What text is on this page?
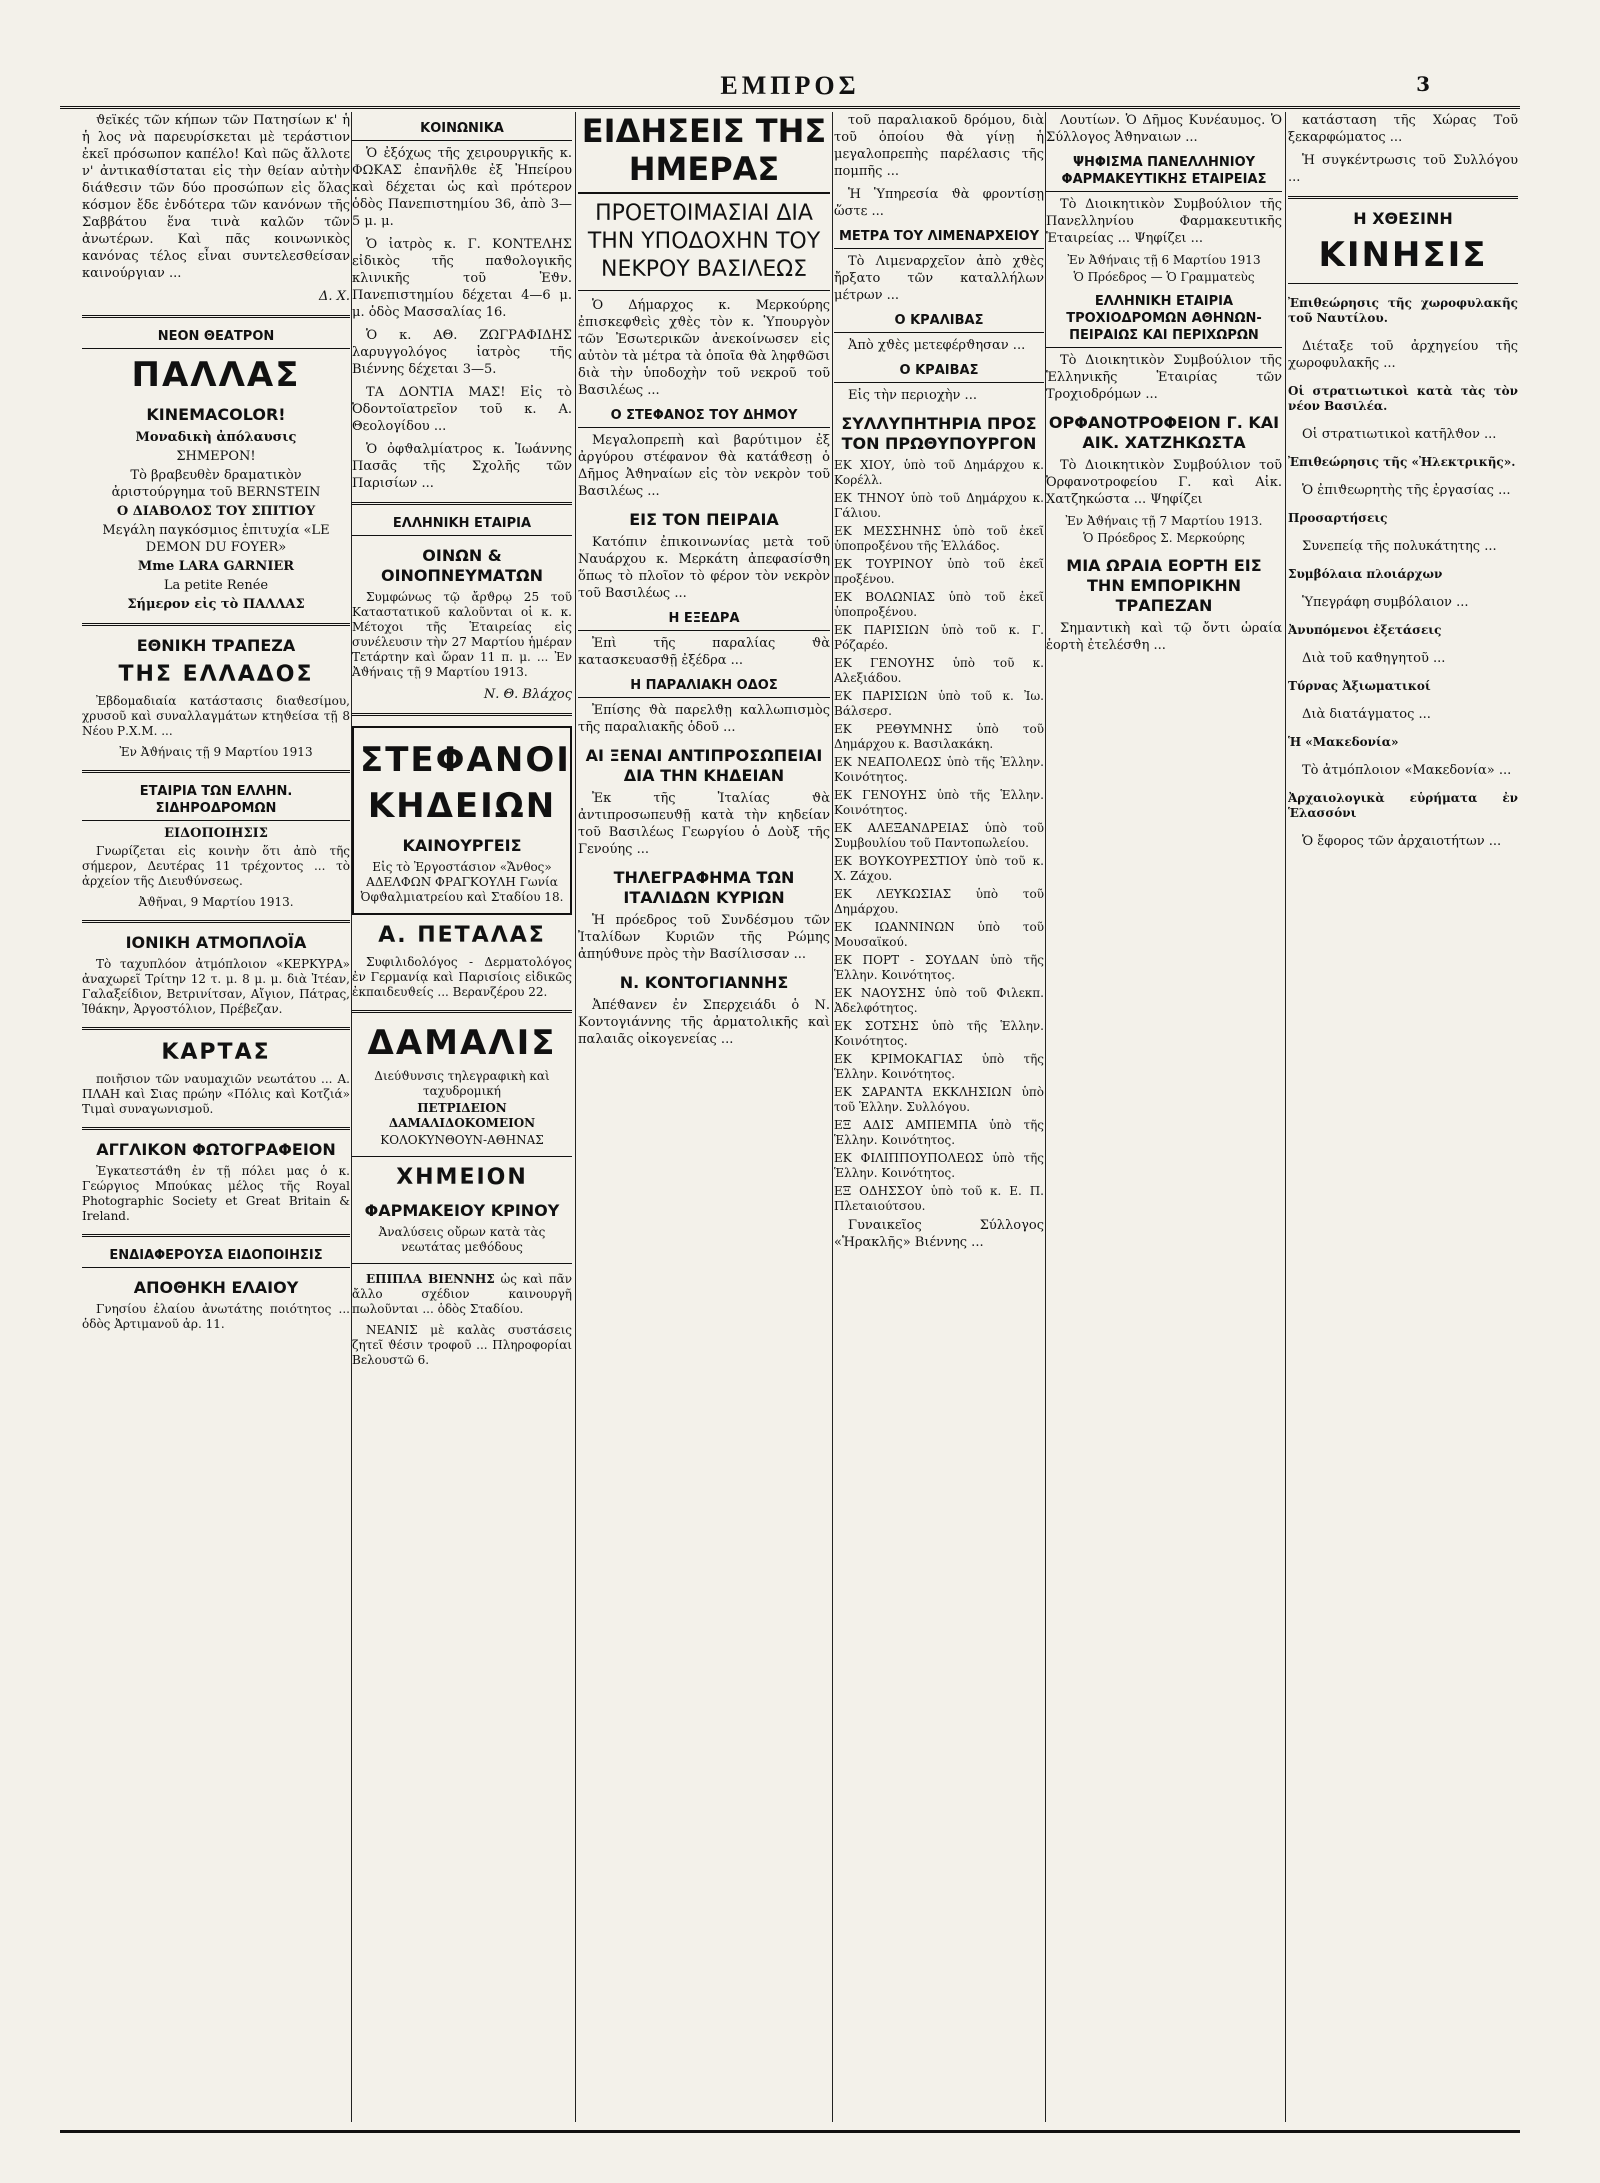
ΕΜΠΡΟΣ	3

ϑεϊκές τῶν κήπων τῶν Πατησίων κ' ἡ ἡ λος νὰ παρευρίσκεται μὲ τεράστιον ἐκεῖ πρόσωπον καπέλο! Καὶ πῶς ἄλλοτε ν' ἀντικαϑίσταται εἰς τὴν θείαν αὐτὴν διάϑεσιν τῶν δύο προσώπων εἰς ὅλας κόσμον ἔδε ἐνδότερα τῶν κανόνων τῆς Σαββάτου ἕνα τινὰ καλῶν τῶν ἀνωτέρων. Καὶ πᾶς κοινωνικὸς κανόνας τέλος εἶναι συντελεσθείσαν καινούργιαν ...

Δ. Χ.

ΝΕΟΝ ΘΕΑΤΡΟΝ
ΠΑΛΛΑΣ
KINEMACOLOR!

Μοναδικὴ ἀπόλαυσις

ΣΗΜΕΡΟΝ!

Τὸ βραβευθὲν δραματικὸν ἀριστούργημα τοῦ BERNSTEIN

Ο ΔΙΑΒΟΛΟΣ ΤΟΥ ΣΠΙΤΙΟΥ

Μεγάλη παγκόσμιος ἐπιτυχία «LE DEMON DU FOYER»

Mme LARA GARNIER

La petite Renée

Σήμερον εἰς τὸ ΠΑΛΛΑΣ

ΕΘΝΙΚΗ ΤΡΑΠΕΖΑ
ΤΗΣ ΕΛΛΑΔΟΣ

Ἐβδομαδιαία κατάστασις διαϑεσίμου, χρυσοῦ καὶ συναλλαγμάτων κτηϑείσα τῇ 8 Νέου Ρ.Χ.Μ. ...

Ἐν Ἀϑήναις τῇ 9 Μαρτίου 1913

ΕΤΑΙΡΙΑ ΤΩΝ ΕΛΛΗΝ. ΣΙΔΗΡΟΔΡΟΜΩΝ

ΕΙΔΟΠΟΙΗΣΙΣ

Γνωρίζεται εἰς κοινὴν ὅτι ἀπὸ τῆς σήμερον, Δευτέρας 11 τρέχοντος ... τὸ ἀρχείον τῆς Διευϑύνσεως.

Ἀϑῆναι, 9 Μαρτίου 1913.

ΙΟΝΙΚΗ ΑΤΜΟΠΛΟΪΑ

Τὸ ταχυπλόον ἀτμόπλοιον «ΚΕΡΚΥΡΑ» ἀναχωρεῖ Τρίτην 12 τ. μ. 8 μ. μ. διὰ Ἰτέαν, Γαλαξείδιον, Βετρινίτσαν, Αἴγιον, Πάτρας, Ἰθάκην, Ἀργοστόλιον, Πρέβεζαν.

ΚΑΡΤΑΣ

ποιῆσιον τῶν ναυμαχιῶν νεωτάτου ... Α. ΠΛΑΗ καὶ Σιας πρώην «Πόλις καὶ Κοτζιά» Τιμαὶ συναγωνισμοῦ.

ΑΓΓΛΙΚΟΝ ΦΩΤΟΓΡΑΦΕΙΟΝ

Ἐγκατεστάϑη ἐν τῇ πόλει μας ὁ κ. Γεώργιος Μπούκας μέλος τῆς Royal Photographic Society et Great Britain & Ireland.

ΕΝΔΙΑΦΕΡΟΥΣΑ ΕΙΔΟΠΟΙΗΣΙΣ
ΑΠΟΘΗΚΗ ΕΛΑΙΟΥ

Γνησίου ἐλαίου ἀνωτάτης ποιότητος ... ὁδὸς Ἀρτιμανοῦ ἀρ. 11.

ΚΟΙΝΩΝΙΚΑ

Ὁ ἐξόχως τῆς χειρουργικῆς κ. ΦΩΚΑΣ ἐπανῆλθε ἐξ Ἠπείρου καὶ δέχεται ὡς καὶ πρότερον ὁδὸς Πανεπιστημίου 36, ἀπὸ 3—5 μ. μ.

Ὁ ἰατρὸς κ. Γ. ΚΟΝΤΕΛΗΣ εἰδικὸς τῆς παϑολογικῆς κλινικῆς τοῦ Ἐϑν. Πανεπιστημίου δέχεται 4—6 μ. μ. ὁδὸς Μασσαλίας 16.

Ὁ κ. ΑΘ. ΖΩΓΡΑΦΙΔΗΣ λαρυγγολόγος ἰατρὸς τῆς Βιέννης δέχεται 3—5.

ΤΑ ΔΟΝΤΙΑ ΜΑΣ! Εἰς τὸ Ὀδοντοϊατρεῖον τοῦ κ. Α. Θεολογίδου ...

Ὁ ὀφϑαλμίατρος κ. Ἰωάννης Πασᾶς τῆς Σχολῆς τῶν Παρισίων ...

ΕΛΛΗΝΙΚΗ ΕΤΑΙΡΙΑ
ΟΙΝΩΝ & ΟΙΝΟΠΝΕΥΜΑΤΩΝ

Συμφώνως τῷ ἄρϑρῳ 25 τοῦ Καταστατικοῦ καλοῦνται οἱ κ. κ. Μέτοχοι τῆς Ἑταιρείας εἰς συνέλευσιν τὴν 27 Μαρτίου ἡμέραν Τετάρτην καὶ ὥραν 11 π. μ. ... Ἐν Ἀϑήναις τῇ 9 Μαρτίου 1913.

Ν. Θ. Βλάχος

ΣΤΕΦΑΝΟΙ
ΚΗΔΕΙΩΝ
ΚΑΙΝΟΥΡΓΕΙΣ

Εἰς τὸ Ἐργοστάσιον «Ἄνθος» ΑΔΕΛΦΩΝ ΦΡΑΓΚΟΥΛΗ Γωνία Ὀφϑαλμιατρείου καὶ Σταδίου 18.

Α. ΠΕΤΑΛΑΣ

Συφιλιδολόγος - Δερματολόγος ἐν Γερμανίᾳ καὶ Παρισίοις εἰδικῶς ἐκπαιδευϑείς ... Βερανζέρου 22.

ΔΑΜΑΛΙΣ

Διεύϑυνσις τηλεγραφικὴ καὶ ταχυδρομική

ΠΕΤΡΙΔΕΙΟΝ ΔΑΜΑΛΙΔΟΚΟΜΕΙΟΝ

ΚΟΛΟΚΥΝΘΟΥΝ-ΑΘΗΝΑΣ

ΧΗΜΕΙΟΝ
ΦΑΡΜΑΚΕΙΟΥ ΚΡΙΝΟΥ

Ἀναλύσεις οὔρων κατὰ τὰς νεωτάτας μεϑόδους

ΕΠΙΠΛΑ ΒΙΕΝΝΗΣ ὡς καὶ πᾶν ἄλλο σχέδιον καινουργῆ πωλοῦνται ... ὁδὸς Σταδίου.

ΝΕΑΝΙΣ μὲ καλὰς συστάσεις ζητεῖ ϑέσιν τροφοῦ ... Πληροφορίαι Βελουστῶ 6.

ΕΙΔΗΣΕΙΣ ΤΗΣ ΗΜΕΡΑΣ
ΠΡΟΕΤΟΙΜΑΣΙΑΙ ΔΙΑ ΤΗΝ ΥΠΟΔΟΧΗΝ ΤΟΥ ΝΕΚΡΟΥ ΒΑΣΙΛΕΩΣ

Ὁ Δήμαρχος κ. Μερκούρης ἐπισκεφϑεὶς χϑὲς τὸν κ. Ὑπουργὸν τῶν Ἐσωτερικῶν ἀνεκοίνωσεν εἰς αὐτὸν τὰ μέτρα τὰ ὁποῖα ϑὰ ληφϑῶσι διὰ τὴν ὑποδοχὴν τοῦ νεκροῦ τοῦ Βασιλέως ...

Ο ΣΤΕΦΑΝΟΣ ΤΟΥ ΔΗΜΟΥ

Μεγαλοπρεπὴ καὶ βαρύτιμον ἐξ ἀργύρου στέφανον ϑὰ κατάϑεσῃ ὁ Δῆμος Ἀϑηναίων εἰς τὸν νεκρὸν τοῦ Βασιλέως ...

ΕΙΣ ΤΟΝ ΠΕΙΡΑΙΑ

Κατόπιν ἐπικοινωνίας μετὰ τοῦ Ναυάρχου κ. Μερκάτη ἀπεφασίσϑη ὅπως τὸ πλοῖον τὸ φέρον τὸν νεκρὸν τοῦ Βασιλέως ...

Η ΕΞΕΔΡΑ

Ἐπὶ τῆς παραλίας ϑὰ κατασκευασϑῇ ἐξέδρα ...

Η ΠΑΡΑΛΙΑΚΗ ΟΔΟΣ

Ἐπίσης ϑὰ παρελϑῃ καλλωπισμὸς τῆς παραλιακῆς ὁδοῦ ...

ΑΙ ΞΕΝΑΙ ΑΝΤΙΠΡΟΣΩΠΕΙΑΙ ΔΙΑ ΤΗΝ ΚΗΔΕΙΑΝ

Ἐκ τῆς Ἰταλίας ϑὰ ἀντιπροσωπευϑῇ κατὰ τὴν κηδείαν τοῦ Βασιλέως Γεωργίου ὁ Δοὺξ τῆς Γενούης ...

ΤΗΛΕΓΡΑΦΗΜΑ ΤΩΝ ΙΤΑΛΙΔΩΝ ΚΥΡΙΩΝ

Ἡ πρόεδρος τοῦ Συνδέσμου τῶν Ἰταλίδων Κυριῶν τῆς Ρώμης ἀπηύϑυνε πρὸς τὴν Βασίλισσαν ...

Ν. ΚΟΝΤΟΓΙΑΝΝΗΣ

Ἀπέϑανεν ἐν Σπερχειάδι ὁ Ν. Κοντογιάννης τῆς ἀρματολικῆς καὶ παλαιᾶς οἰκογενείας ...

τοῦ παραλιακοῦ δρόμου, διὰ τοῦ ὁποίου ϑὰ γίνῃ ἡ μεγαλοπρεπὴς παρέλασις τῆς πομπῆς ...

Ἡ Ὑπηρεσία ϑὰ φροντίσῃ ὥστε ...

ΜΕΤΡΑ ΤΟΥ ΛΙΜΕΝΑΡΧΕΙΟΥ

Τὸ Λιμεναρχεῖον ἀπὸ χϑὲς ἤρξατο τῶν καταλλήλων μέτρων ...

Ο ΚΡΑΛΙΒΑΣ

Ἀπὸ χϑὲς μετεφέρϑησαν ...

Ο ΚΡΑΙΒΑΣ

Εἰς τὴν περιοχὴν ...

ΣΥΛΛΥΠΗΤΗΡΙΑ ΠΡΟΣ ΤΟΝ ΠΡΩΘΥΠΟΥΡΓΟΝ

ΕΚ ΧΙΟΥ, ὑπὸ τοῦ Δημάρχου κ. Κορέλλ.

ΕΚ ΤΗΝΟΥ ὑπὸ τοῦ Δημάρχου κ. Γάλιου.

ΕΚ ΜΕΣΣΗΝΗΣ ὑπὸ τοῦ ἐκεῖ ὑποπροξένου τῆς Ἑλλάδος.

ΕΚ ΤΟΥΡΙΝΟΥ ὑπὸ τοῦ ἐκεῖ προξένου.

ΕΚ ΒΟΛΩΝΙΑΣ ὑπὸ τοῦ ἐκεῖ ὑποπροξένου.

ΕΚ ΠΑΡΙΣΙΩΝ ὑπὸ τοῦ κ. Γ. Ρόζαρέο.

ΕΚ ΓΕΝΟΥΗΣ ὑπὸ τοῦ κ. Αλεξιάδου.

ΕΚ ΠΑΡΙΣΙΩΝ ὑπὸ τοῦ κ. Ἰω. Βάλσερσ.

ΕΚ ΡΕΘΥΜΝΗΣ ὑπὸ τοῦ Δημάρχου κ. Βασιλακάκη.

ΕΚ ΝΕΑΠΟΛΕΩΣ ὑπὸ τῆς Ἑλλην. Κοινότητος.

ΕΚ ΓΕΝΟΥΗΣ ὑπὸ τῆς Ἑλλην. Κοινότητος.

ΕΚ ΑΛΕΞΑΝΔΡΕΙΑΣ ὑπὸ τοῦ Συμβουλίου τοῦ Παντοπωλείου.

ΕΚ ΒΟΥΚΟΥΡΕΣΤΙΟΥ ὑπὸ τοῦ κ. Χ. Ζάχου.

ΕΚ ΛΕΥΚΩΣΙΑΣ ὑπὸ τοῦ Δημάρχου.

ΕΚ ΙΩΑΝΝΙΝΩΝ ὑπὸ τοῦ Μουσαϊκού.

ΕΚ ΠΟΡΤ - ΣΟΥΔΑΝ ὑπὸ τῆς Ἑλλην. Κοινότητος.

ΕΚ ΝΑΟΥΣΗΣ ὑπὸ τοῦ Φιλεκπ. Ἀδελφότητος.

ΕΚ ΣΟΤΣΗΣ ὑπὸ τῆς Ἑλλην. Κοινότητος.

ΕΚ ΚΡΙΜΟΚΑΓΙΑΣ ὑπὸ τῆς Ἑλλην. Κοινότητος.

ΕΚ ΣΑΡΑΝΤΑ ΕΚΚΛΗΣΙΩΝ ὑπὸ τοῦ Ἑλλην. Συλλόγου.

ΕΞ ΑΔΙΣ ΑΜΠΕΜΠΑ ὑπὸ τῆς Ἑλλην. Κοινότητος.

ΕΚ ΦΙΛΙΠΠΟΥΠΟΛΕΩΣ ὑπὸ τῆς Ἑλλην. Κοινότητος.

ΕΞ ΟΔΗΣΣΟΥ ὑπὸ τοῦ κ. Ε. Π. Πλεταιούτσου.

Γυναικεῖος Σύλλογος «Ἡρακλῆς» Βιέννης ...

Λουτίων. Ὁ Δῆμος Κυνέαυμος. Ὁ Σύλλογος Ἀϑηναιων ...

ΨΗΦΙΣΜΑ ΠΑΝΕΛΛΗΝΙΟΥ ΦΑΡΜΑΚΕΥΤΙΚΗΣ ΕΤΑΙΡΕΙΑΣ

Τὸ Διοικητικὸν Συμβούλιον τῆς Πανελληνίου Φαρμακευτικῆς Ἑταιρείας ... Ψηφίζει ...

Ἐν Ἀϑήναις τῇ 6 Μαρτίου 1913

Ὁ Πρόεδρος — Ὁ Γραμματεὺς

ΕΛΛΗΝΙΚΗ ΕΤΑΙΡΙΑ ΤΡΟΧΙΟΔΡΟΜΩΝ ΑΘΗΝΩΝ-ΠΕΙΡΑΙΩΣ ΚΑΙ ΠΕΡΙΧΩΡΩΝ

Τὸ Διοικητικὸν Συμβούλιον τῆς Ἑλληνικῆς Ἑταιρίας τῶν Τροχιοδρόμων ...

ΟΡΦΑΝΟΤΡΟΦΕΙΟΝ Γ. ΚΑΙ ΑΙΚ. ΧΑΤΖΗΚΩΣΤΑ

Τὸ Διοικητικὸν Συμβούλιον τοῦ Ὀρφανοτροφείου Γ. καὶ Αἰκ. Χατζηκώστα ... Ψηφίζει

Ἐν Ἀϑήναις τῇ 7 Μαρτίου 1913.

Ὁ Πρόεδρος Σ. Μερκούρης

ΜΙΑ ΩΡΑΙΑ ΕΟΡΤΗ ΕΙΣ ΤΗΝ ΕΜΠΟΡΙΚΗΝ ΤΡΑΠΕΖΑΝ

Σημαντικὴ καὶ τῷ ὄντι ὡραία ἑορτὴ ἐτελέσϑη ...

κατάσταση τῆς Χώρας Τοῦ ξεκαρφώματος ...

Ἡ συγκέντρωσις τοῦ Συλλόγου ...

Η ΧΘΕΣΙΝΗ
ΚΙΝΗΣΙΣ

Ἐπιθεώρησις τῆς χωροφυλακῆς τοῦ Ναυτίλου.

Διέταξε τοῦ ἀρχηγείου τῆς χωροφυλακῆς ...

Οἱ στρατιωτικοὶ κατὰ τὰς τὸν νέον Βασιλέα.

Οἱ στρατιωτικοὶ κατῆλϑον ...

Ἐπιθεώρησις τῆς «Ἠλεκτρικῆς».

Ὁ ἐπιϑεωρητὴς τῆς ἐργασίας ...

Προσαρτήσεις

Συνεπείᾳ τῆς πολυκάτητης ...

Συμβόλαια πλοιάρχων

Ὑπεγράφη συμβόλαιον ...

Ἀνυπόμενοι ἐξετάσεις

Διὰ τοῦ καϑηγητοῦ ...

Τύρνας Ἀξιωματικοί

Διὰ διατάγματος ...

Ἡ «Μακεδονία»

Τὸ ἀτμόπλοιον «Μακεδονία» ...

Ἀρχαιολογικὰ εὑρήματα ἐν Ἑλασσόνι

Ὁ ἔφορος τῶν ἀρχαιοτήτων ...
